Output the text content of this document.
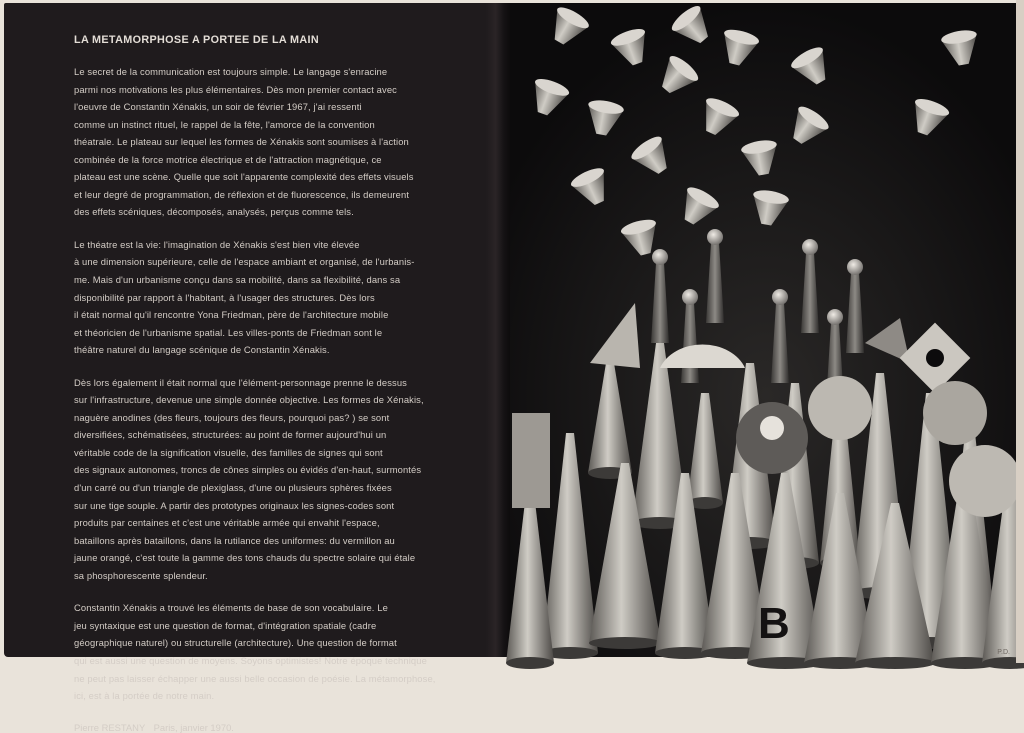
LA METAMORPHOSE A PORTEE DE LA MAIN

Le secret de la communication est toujours simple. Le langage s'enracine
parmi nos motivations les plus élémentaires. Dès mon premier contact avec
l'oeuvre de Constantin Xénakis, un soir de février 1967, j'ai ressenti
comme un instinct rituel, le rappel de la fête, l'amorce de la convention
théatrale. Le plateau sur lequel les formes de Xénakis sont soumises à l'action
combinée de la force motrice électrique et de l'attraction magnétique, ce
plateau est une scène. Quelle que soit l'apparente complexité des effets visuels
et leur degré de programmation, de réflexion et de fluorescence, ils demeurent
des effets scéniques, décomposés, analysés, perçus comme tels.

Le théatre est la vie: l'imagination de Xénakis s'est bien vite élevée
à une dimension supérieure, celle de l'espace ambiant et organisé, de l'urbanis-
me. Mais d'un urbanisme conçu dans sa mobilité, dans sa flexibilité, dans sa
disponibilité par rapport à l'habitant, à l'usager des structures. Dès lors
il était normal qu'il rencontre Yona Friedman, père de l'architecture mobile
et théoricien de l'urbanisme spatial. Les villes-ponts de Friedman sont le
théâtre naturel du langage scénique de Constantin Xénakis.

Dès lors également il était normal que l'élément-personnage prenne le dessus
sur l'infrastructure, devenue une simple donnée objective. Les formes de Xénakis,
naguère anodines (des fleurs, toujours des fleurs, pourquoi pas? ) se sont
diversifiées, schématisées, structurées: au point de former aujourd'hui un
véritable code de la signification visuelle, des familles de signes qui sont
des signaux autonomes, troncs de cônes simples ou évidés d'en-haut, surmontés
d'un carré ou d'un triangle de plexiglass, d'une ou plusieurs sphères fixées
sur une tige souple. A partir des prototypes originaux les signes-codes sont
produits par centaines et c'est une véritable armée qui envahit l'espace,
bataillons après bataillons, dans la rutilance des uniformes: du vermillon au
jaune orangé, c'est toute la gamme des tons chauds du spectre solaire qui étale
sa phosphorescente splendeur.

Constantin Xénakis a trouvé les éléments de base de son vocabulaire. Le
jeu syntaxique est une question de format, d'intégration spatiale (cadre
géographique naturel) ou structurelle (architecture). Une question de format
qui est aussi une question de moyens. Soyons optimistes! Notre époque technique
ne peut pas laisser échapper une aussi belle occasion de poésie. La métamorphose,
ici, est à la portée de notre main.

Pierre RESTANY Paris, janvier 1970.
B
P.D.
